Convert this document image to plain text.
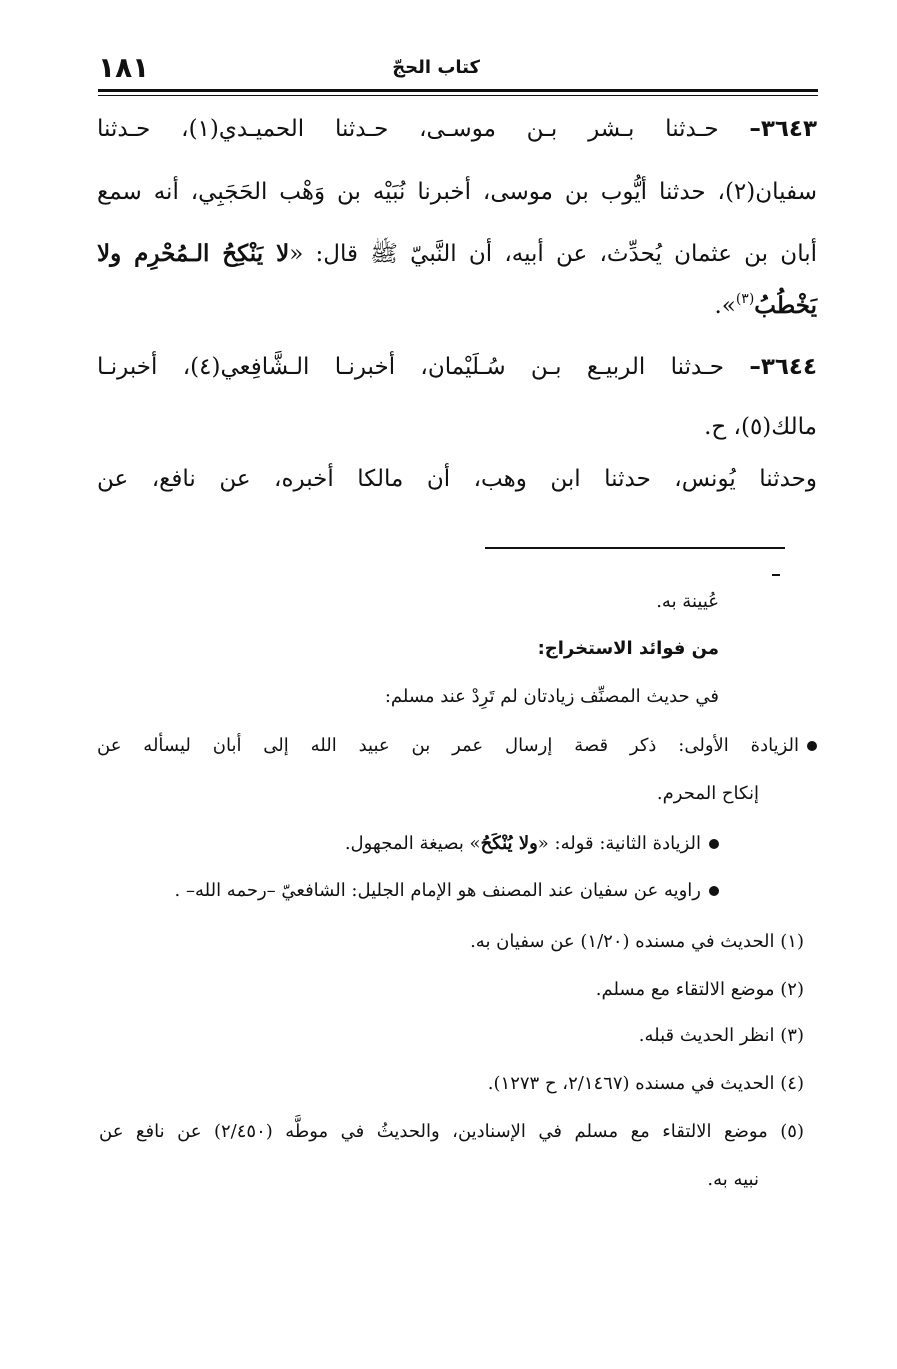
١٨١	كتاب الحجّ
٣٦٤٣– حـدثنا بـشر بـن موسـى، حـدثنا الحميـدي(١)، حـدثنا
سفيان(٢)، حدثنا أيُّوب بن موسى، أخبرنا نُبَيْه بن وَهْب الحَجَبِي، أنه سمع
أبان بن عثمان يُحدِّث، عن أبيه، أن النَّبيّ ﷺ قال: «لا يَنْكِحُ الـمُحْرِم ولا
يَخْطُبُ$^{(٣)}$».
٣٦٤٤– حـدثنا الربيـع بـن سُـلَيْمان، أخبرنـا الـشَّافِعي(٤)، أخبرنـا
مالك(٥)، ح.
وحدثنا يُونس، حدثنا ابن وهب، أن مالكا أخبره، عن نافع، عن
عُيينة به.
من فوائد الاستخراج:
في حديث المصنِّف زيادتان لم تَرِدْ عند مسلم:
الزيادة الأولى: ذكر قصة إرسال عمر بن عبيد الله إلى أبان ليسأله عن
إنكاح المحرم.
الزيادة الثانية: قوله: «ولا يُنْكَحُ» بصيغة المجهول.
راويه عن سفيان عند المصنف هو الإمام الجليل: الشافعيّ –رحمه الله– .
(١) الحديث في مسنده (١/٢٠) عن سفيان به.
(٢) موضع الالتقاء مع مسلم.
(٣) انظر الحديث قبله.
(٤) الحديث في مسنده (٢/١٤٦٧، ح ١٢٧٣).
(٥) موضع الالتقاء مع مسلم في الإسنادين، والحديثُ في موطَّه (٢/٤٥٠) عن نافع عن
نبيه به.
